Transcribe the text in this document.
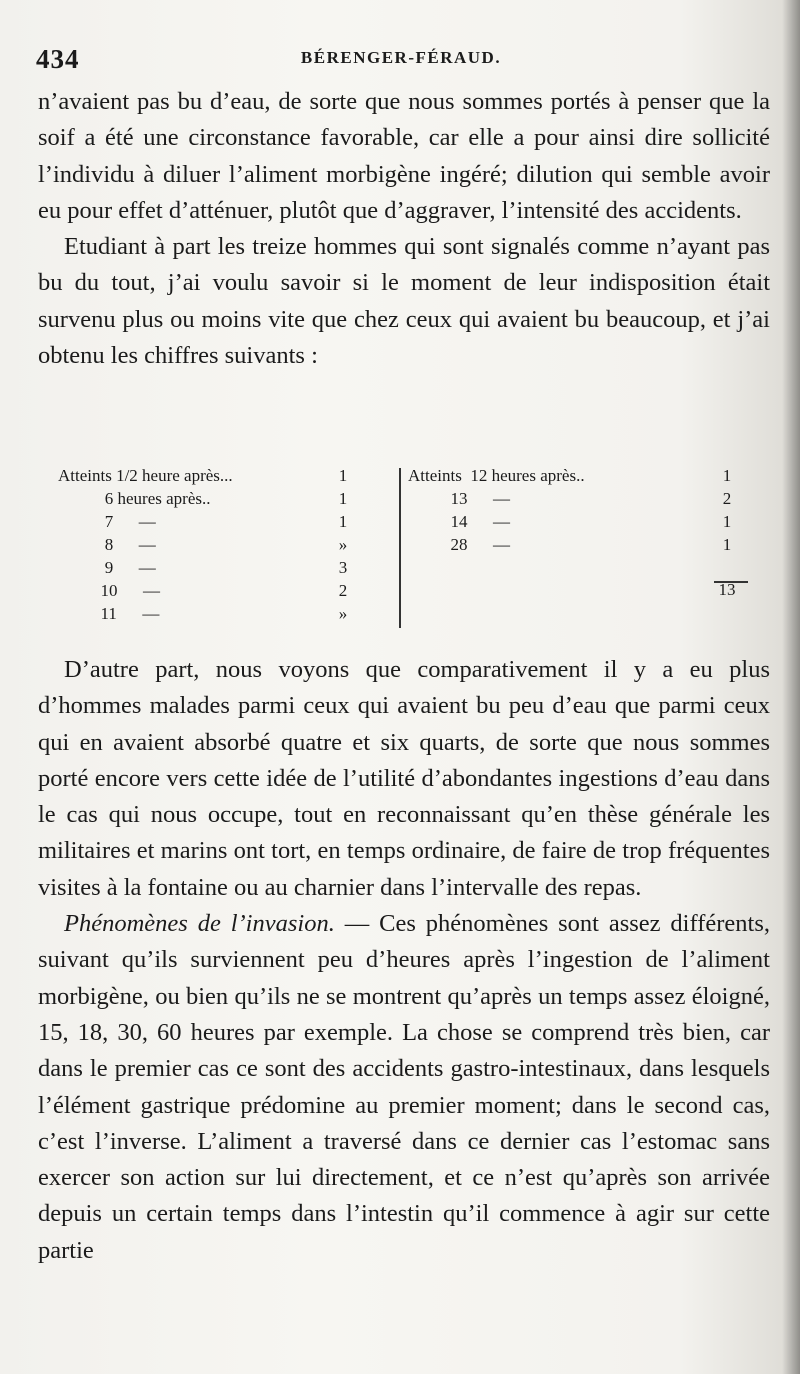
434	BÉRENGER-FÉRAUD.

n’avaient pas bu d’eau, de sorte que nous sommes portés à penser que la soif a été une circonstance favorable, car elle a pour ainsi dire sollicité l’individu à diluer l’aliment morbigène ingéré; dilution qui semble avoir eu pour effet d’atténuer, plutôt que d’aggraver, l’intensité des accidents.

Etudiant à part les treize hommes qui sont signalés comme n’ayant pas bu du tout, j’ai voulu savoir si le moment de leur indisposition était survenu plus ou moins vite que chez ceux qui avaient bu beaucoup, et j’ai obtenu les chiffres suivants :

Atteints 1/2 heure après...	1
6 heures après..	1
7      —	1
8      —	»
9      —	3
10      —	2
11      —	»
Atteints  12 heures après..	1
13      —	2
14      —	1
28      —	1
13

D’autre part, nous voyons que comparativement il y a eu plus d’hommes malades parmi ceux qui avaient bu peu d’eau que parmi ceux qui en avaient absorbé quatre et six quarts, de sorte que nous sommes porté encore vers cette idée de l’utilité d’abondantes ingestions d’eau dans le cas qui nous occupe, tout en reconnaissant qu’en thèse générale les militaires et marins ont tort, en temps ordinaire, de faire de trop fréquentes visites à la fontaine ou au charnier dans l’intervalle des repas.

Phénomènes de l’invasion. — Ces phénomènes sont assez différents, suivant qu’ils surviennent peu d’heures après l’ingestion de l’aliment morbigène, ou bien qu’ils ne se montrent qu’après un temps assez éloigné, 15, 18, 30, 60 heures par exemple. La chose se comprend très bien, car dans le premier cas ce sont des accidents gastro-intestinaux, dans lesquels l’élément gastrique prédomine au premier moment; dans le second cas, c’est l’inverse. L’aliment a traversé dans ce dernier cas l’estomac sans exercer son action sur lui directement, et ce n’est qu’après son arrivée depuis un certain temps dans l’intestin qu’il commence à agir sur cette partie
